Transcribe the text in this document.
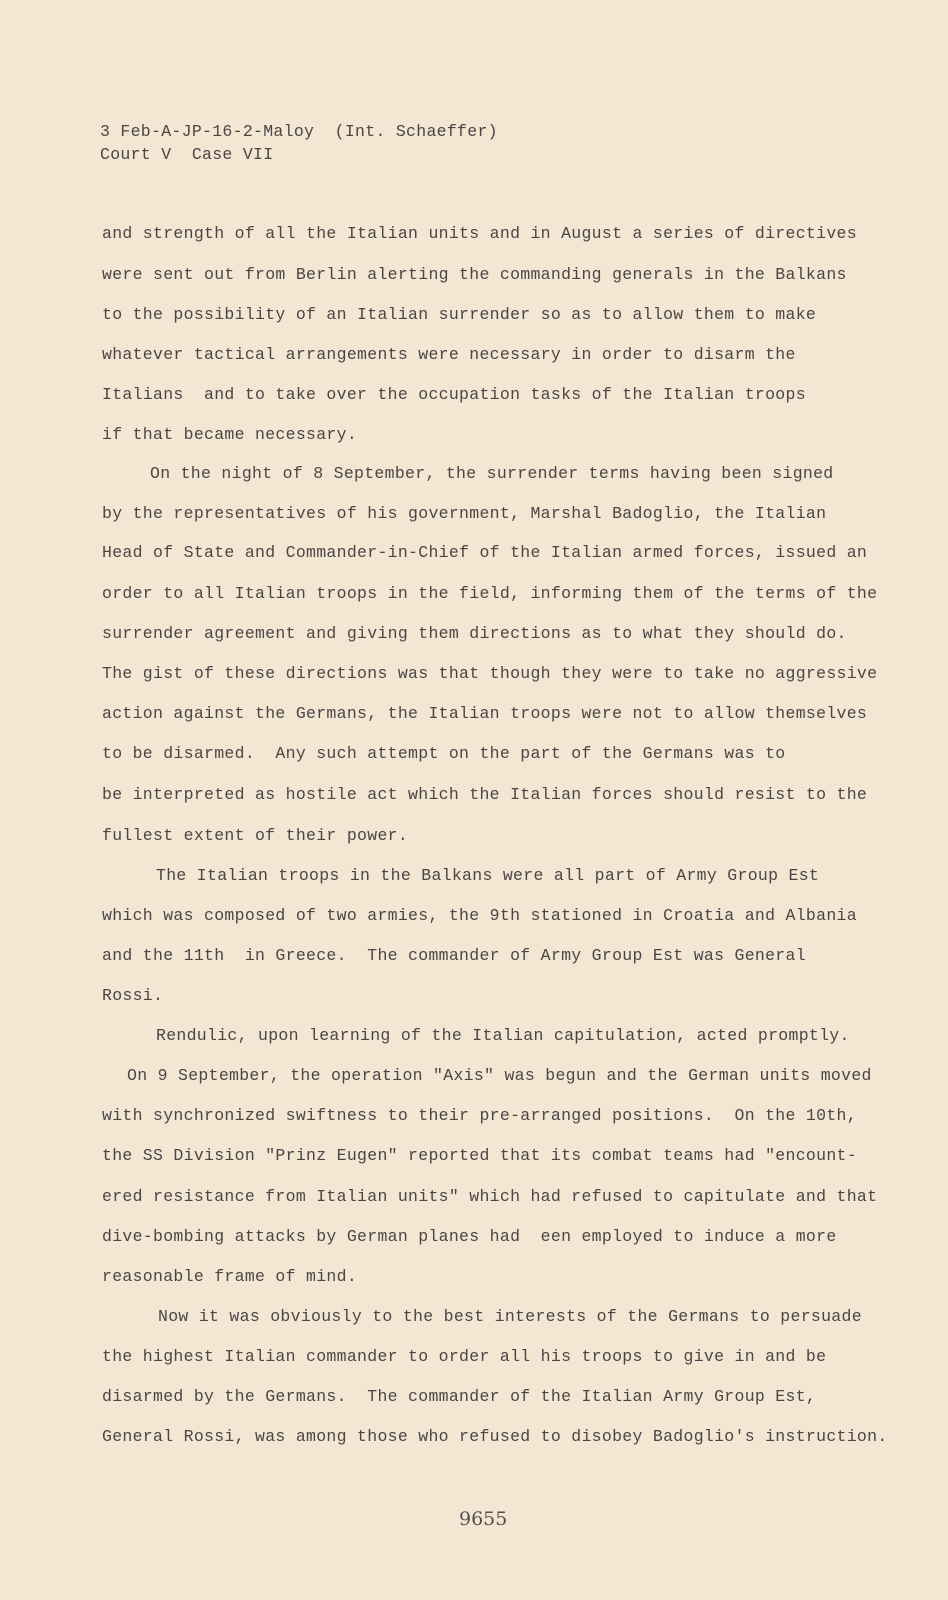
3 Feb-A-JP-16-2-Maloy  (Int. Schaeffer)
Court V  Case VII
and strength of all the Italian units and in August a series of directives
were sent out from Berlin alerting the commanding generals in the Balkans
to the possibility of an Italian surrender so as to allow them to make
whatever tactical arrangements were necessary in order to disarm the
Italians  and to take over the occupation tasks of the Italian troops
if that became necessary.
On the night of 8 September, the surrender terms having been signed
by the representatives of his government, Marshal Badoglio, the Italian
Head of State and Commander-in-Chief of the Italian armed forces, issued an
order to all Italian troops in the field, informing them of the terms of the
surrender agreement and giving them directions as to what they should do.
The gist of these directions was that though they were to take no aggressive
action against the Germans, the Italian troops were not to allow themselves
to be disarmed.  Any such attempt on the part of the Germans was to
be interpreted as hostile act which the Italian forces should resist to the
fullest extent of their power.
The Italian troops in the Balkans were all part of Army Group Est
which was composed of two armies, the 9th stationed in Croatia and Albania
and the 11th  in Greece.  The commander of Army Group Est was General
Rossi.
Rendulic, upon learning of the Italian capitulation, acted promptly.
On 9 September, the operation "Axis" was begun and the German units moved
with synchronized swiftness to their pre-arranged positions.  On the 10th,
the SS Division "Prinz Eugen" reported that its combat teams had "encount-
ered resistance from Italian units" which had refused to capitulate and that
dive-bombing attacks by German planes had  een employed to induce a more
reasonable frame of mind.
Now it was obviously to the best interests of the Germans to persuade
the highest Italian commander to order all his troops to give in and be
disarmed by the Germans.  The commander of the Italian Army Group Est,
General Rossi, was among those who refused to disobey Badoglio's instruction.
9655
